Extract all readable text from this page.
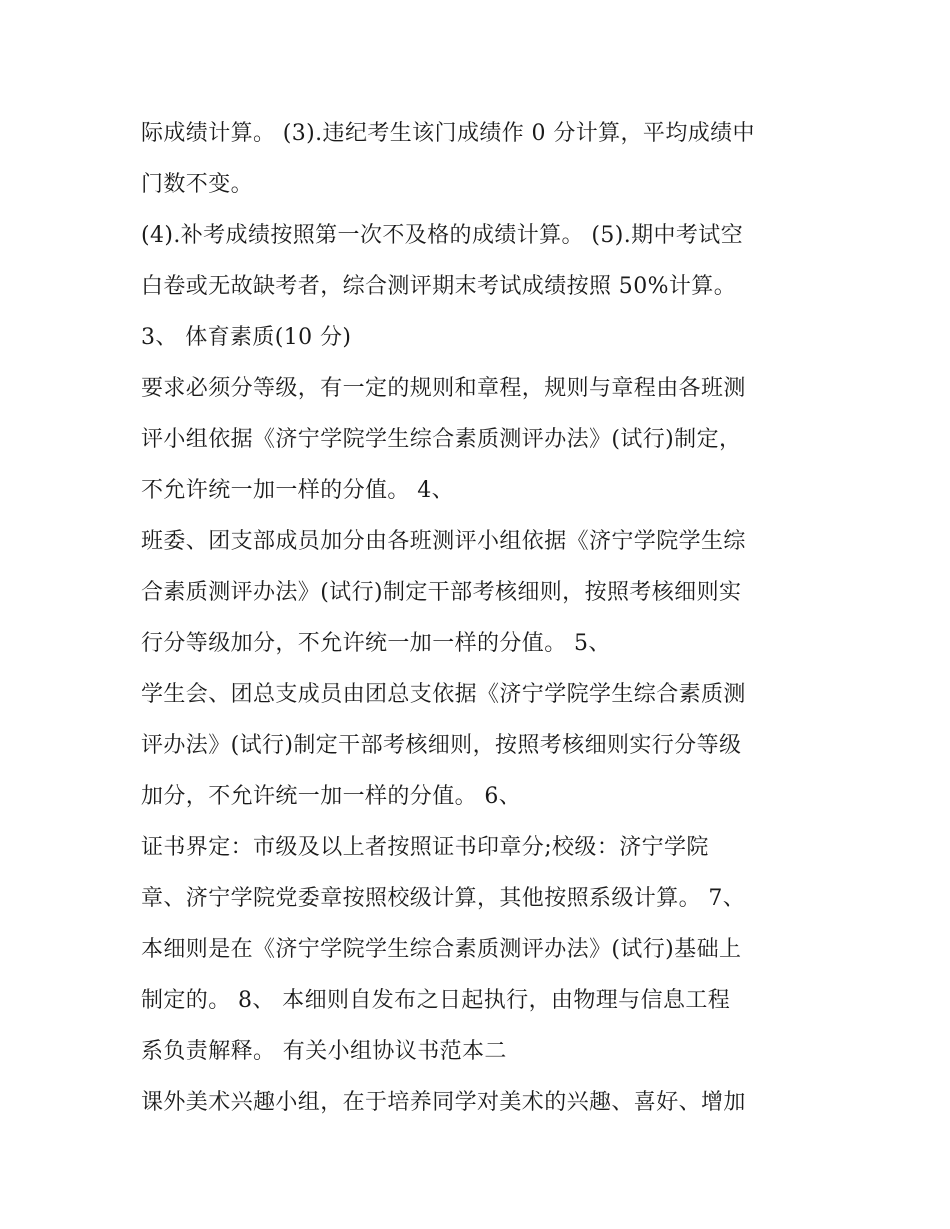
际成绩计算。 (3).违纪考生该门成绩作 0 分计算，平均成绩中
门数不变。
(4).补考成绩按照第一次不及格的成绩计算。 (5).期中考试空
白卷或无故缺考者，综合测评期末考试成绩按照 50%计算。
3、 体育素质(10 分)
要求必须分等级，有一定的规则和章程，规则与章程由各班测
评小组依据《济宁学院学生综合素质测评办法》(试行)制定，
不允许统一加一样的分值。 4、
班委、团支部成员加分由各班测评小组依据《济宁学院学生综
合素质测评办法》(试行)制定干部考核细则，按照考核细则实
行分等级加分，不允许统一加一样的分值。 5、
学生会、团总支成员由团总支依据《济宁学院学生综合素质测
评办法》(试行)制定干部考核细则，按照考核细则实行分等级
加分，不允许统一加一样的分值。 6、
证书界定：市级及以上者按照证书印章分;校级：济宁学院
章、济宁学院党委章按照校级计算，其他按照系级计算。 7、
本细则是在《济宁学院学生综合素质测评办法》(试行)基础上
制定的。 8、 本细则自发布之日起执行，由物理与信息工程
系负责解释。 有关小组协议书范本二
课外美术兴趣小组，在于培养同学对美术的兴趣、喜好、增加
